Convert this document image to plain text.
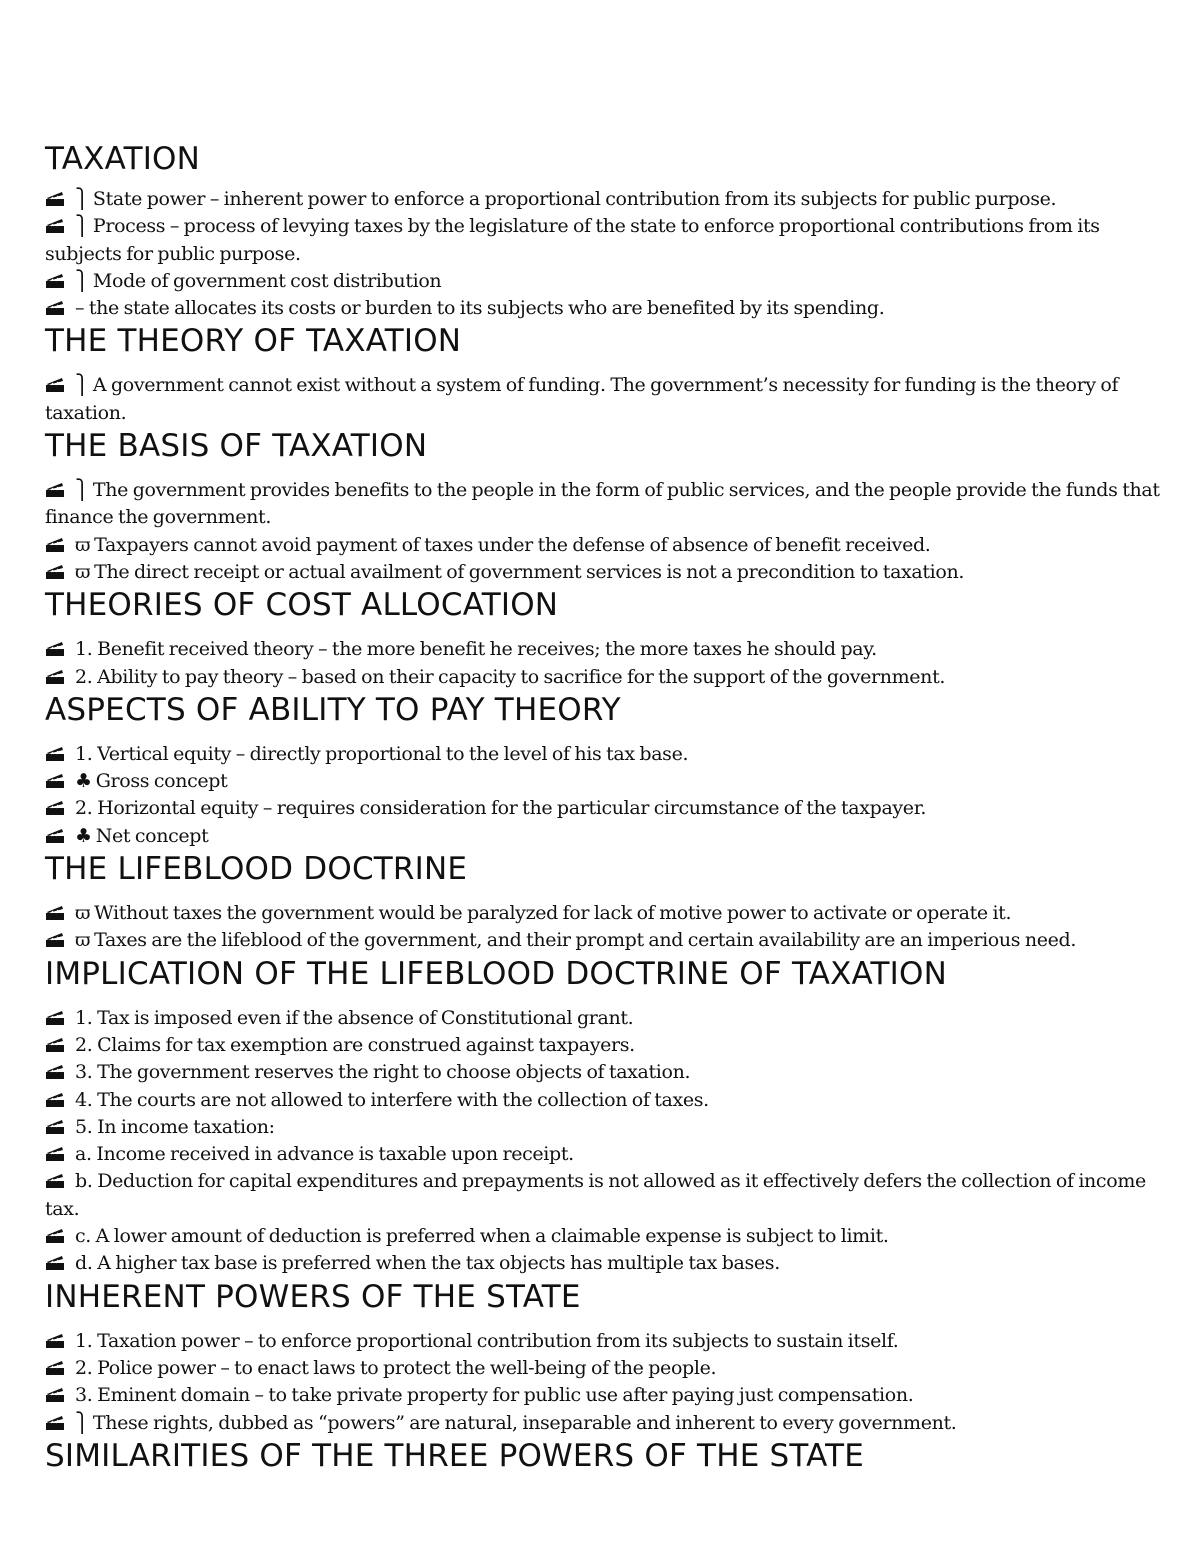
TAXATION

⎫ State power – inherent power to enforce a proportional contribution from its subjects for public purpose.

⎫ Process – process of levying taxes by the legislature of the state to enforce proportional contributions from its subjects for public purpose.

⎫ Mode of government cost distribution

– the state allocates its costs or burden to its subjects who are benefited by its spending.

THE THEORY OF TAXATION

⎫ A government cannot exist without a system of funding. The government’s necessity for funding is the theory of taxation.

THE BASIS OF TAXATION

⎫ The government provides benefits to the people in the form of public services, and the people provide the funds that finance the government.

ϖ Taxpayers cannot avoid payment of taxes under the defense of absence of benefit received.

ϖ The direct receipt or actual availment of government services is not a precondition to taxation.

THEORIES OF COST ALLOCATION

1. Benefit received theory – the more benefit he receives; the more taxes he should pay.

2. Ability to pay theory – based on their capacity to sacrifice for the support of the government.

ASPECTS OF ABILITY TO PAY THEORY

1. Vertical equity – directly proportional to the level of his tax base.

♣ Gross concept

2. Horizontal equity – requires consideration for the particular circumstance of the taxpayer.

♣ Net concept

THE LIFEBLOOD DOCTRINE

ϖ Without taxes the government would be paralyzed for lack of motive power to activate or operate it.

ϖ Taxes are the lifeblood of the government, and their prompt and certain availability are an imperious need.

IMPLICATION OF THE LIFEBLOOD DOCTRINE OF TAXATION

1. Tax is imposed even if the absence of Constitutional grant.

2. Claims for tax exemption are construed against taxpayers.

3. The government reserves the right to choose objects of taxation.

4. The courts are not allowed to interfere with the collection of taxes.

5. In income taxation:

a. Income received in advance is taxable upon receipt.

b. Deduction for capital expenditures and prepayments is not allowed as it effectively defers the collection of income tax.

c. A lower amount of deduction is preferred when a claimable expense is subject to limit.

d. A higher tax base is preferred when the tax objects has multiple tax bases.

INHERENT POWERS OF THE STATE

1. Taxation power – to enforce proportional contribution from its subjects to sustain itself.

2. Police power – to enact laws to protect the well-being of the people.

3. Eminent domain – to take private property for public use after paying just compensation.

⎫ These rights, dubbed as “powers” are natural, inseparable and inherent to every government.

SIMILARITIES OF THE THREE POWERS OF THE STATE
